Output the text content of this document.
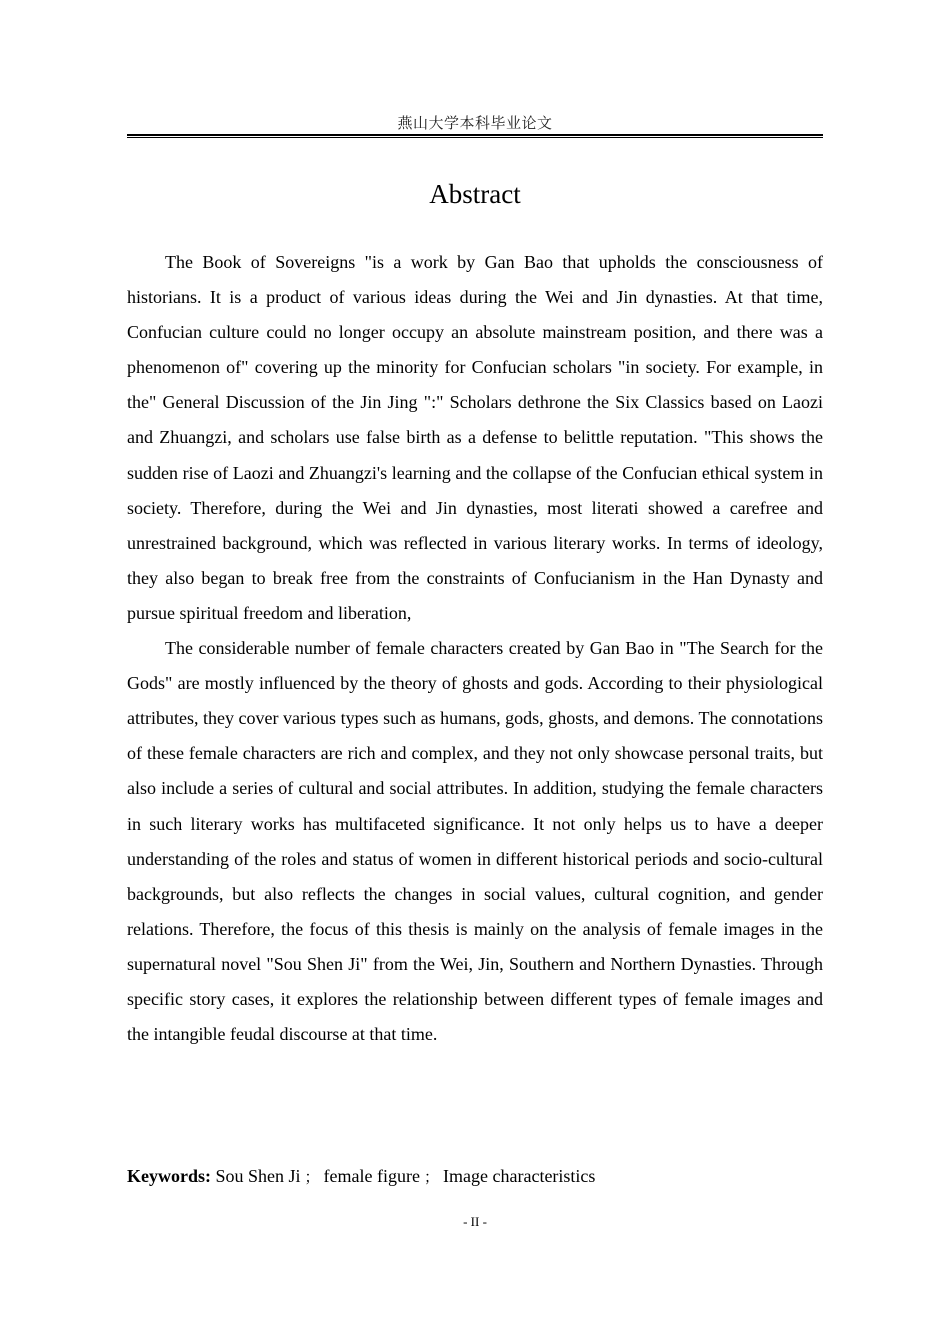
燕山大学本科毕业论文
Abstract

The Book of Sovereigns "is a work by Gan Bao that upholds the consciousness of historians. It is a product of various ideas during the Wei and Jin dynasties. At that time, Confucian culture could no longer occupy an absolute mainstream position, and there was a phenomenon of" covering up the minority for Confucian scholars "in society. For example, in the" General Discussion of the Jin Jing ":" Scholars dethrone the Six Classics based on Laozi and Zhuangzi, and scholars use false birth as a defense to belittle reputation. "This shows the sudden rise of Laozi and Zhuangzi's learning and the collapse of the Confucian ethical system in society. Therefore, during the Wei and Jin dynasties, most literati showed a carefree and unrestrained background, which was reflected in various literary works. In terms of ideology, they also began to break free from the constraints of Confucianism in the Han Dynasty and pursue spiritual freedom and liberation,

The considerable number of female characters created by Gan Bao in "The Search for the Gods" are mostly influenced by the theory of ghosts and gods. According to their physiological attributes, they cover various types such as humans, gods, ghosts, and demons. The connotations of these female characters are rich and complex, and they not only showcase personal traits, but also include a series of cultural and social attributes. In addition, studying the female characters in such literary works has multifaceted significance. It not only helps us to have a deeper understanding of the roles and status of women in different historical periods and socio-cultural backgrounds, but also reflects the changes in social values, cultural cognition, and gender relations. Therefore, the focus of this thesis is mainly on the analysis of female images in the supernatural novel "Sou Shen Ji" from the Wei, Jin, Southern and Northern Dynasties. Through specific story cases, it explores the relationship between different types of female images and the intangible feudal discourse at that time.

Keywords: Sou Shen Ji ； female figure ； Image characteristics
- II -
